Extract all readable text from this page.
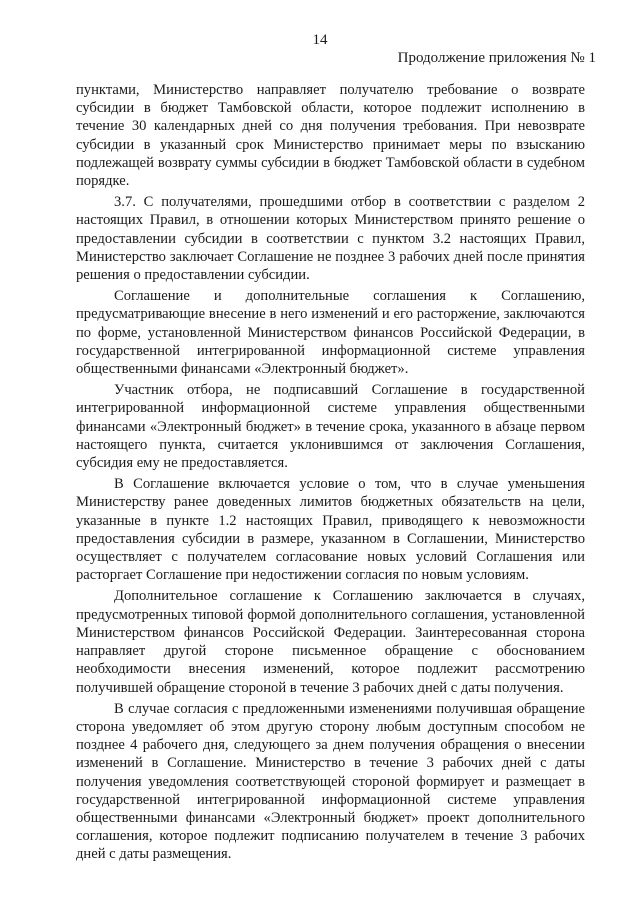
14
Продолжение приложения № 1

пунктами, Министерство направляет получателю требование о возврате субсидии в бюджет Тамбовской области, которое подлежит исполнению в течение 30 календарных дней со дня получения требования. При невозврате субсидии в указанный срок Министерство принимает меры по взысканию подлежащей возврату суммы субсидии в бюджет Тамбовской области в судебном порядке.

3.7. С получателями, прошедшими отбор в соответствии с разделом 2 настоящих Правил, в отношении которых Министерством принято решение о предоставлении субсидии в соответствии с пунктом 3.2 настоящих Правил, Министерство заключает Соглашение не позднее 3 рабочих дней после принятия решения о предоставлении субсидии.

Соглашение и дополнительные соглашения к Соглашению, предусматривающие внесение в него изменений и его расторжение, заключаются по форме, установленной Министерством финансов Российской Федерации, в государственной интегрированной информационной системе управления общественными финансами «Электронный бюджет».

Участник отбора, не подписавший Соглашение в государственной интегрированной информационной системе управления общественными финансами «Электронный бюджет» в течение срока, указанного в абзаце первом настоящего пункта, считается уклонившимся от заключения Соглашения, субсидия ему не предоставляется.

В Соглашение включается условие о том, что в случае уменьшения Министерству ранее доведенных лимитов бюджетных обязательств на цели, указанные в пункте 1.2 настоящих Правил, приводящего к невозможности предоставления субсидии в размере, указанном в Соглашении, Министерство осуществляет с получателем согласование новых условий Соглашения или расторгает Соглашение при недостижении согласия по новым условиям.

Дополнительное соглашение к Соглашению заключается в случаях, предусмотренных типовой формой дополнительного соглашения, установленной Министерством финансов Российской Федерации. Заинтересованная сторона направляет другой стороне письменное обращение с обоснованием необходимости внесения изменений, которое подлежит рассмотрению получившей обращение стороной в течение 3 рабочих дней с даты получения.

В случае согласия с предложенными изменениями получившая обращение сторона уведомляет об этом другую сторону любым доступным способом не позднее 4 рабочего дня, следующего за днем получения обращения о внесении изменений в Соглашение. Министерство в течение 3 рабочих дней с даты получения уведомления соответствующей стороной формирует и размещает в государственной интегрированной информационной системе управления общественными финансами «Электронный бюджет» проект дополнительного соглашения, которое подлежит подписанию получателем в течение 3 рабочих дней с даты размещения.
